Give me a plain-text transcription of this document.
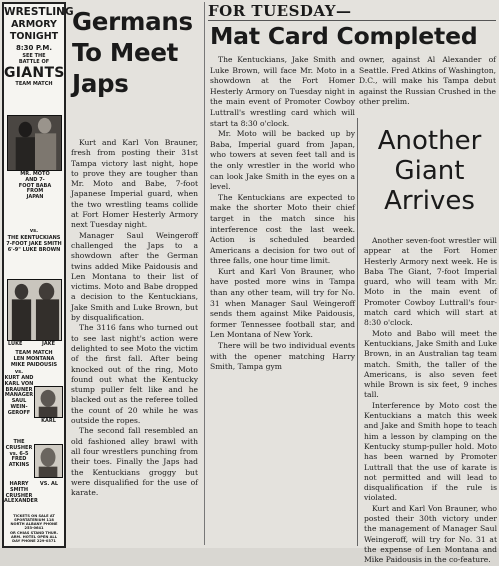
WRESTLING
ARMORY
TONIGHT
8:30 P.M.
SEE THE BATTLE OF
GIANTS
TEAM MATCH
MR. MOTO AND 7-FOOT BABA FROM JAPAN
vs.
THE KENTUCKIANS 7-FOOT JAKE SMITH 6'-9" LUKE BROWN
LUKE	JAKE
TEAM MATCH
LEN MONTANA MIKE PAIDOUSIS
vs.
KURT AND KARL VON BRAUNER MANAGER SAUL WEIN-GEROFF
KARL
THE CRUSHER vs. 6-5 FRED ATKINS
HARRY SMITH CRUSHER ALEXANDER
VS. AL
TICKETS ON SALE AT SPORTATERIUM 118 NORTH ALBANY PHONE 253-0641
OR CHIAS STAND THUR. ARM. HOTEL OPEN ALL DAY PHONE 229-0371
Germans
To Meet
Japs

Kurt and Karl Von Brauner, fresh from posting their 31st Tampa victory last night, hope to prove they are tougher than Mr. Moto and Babe, 7-foot Japanese Imperial guard, when the two wrestling teams collide at Fort Homer Hesterly Armory next Tuesday night.

Manager Saul Weingeroff challenged the Japs to a showdown after the German twins added Mike Paidousis and Len Montana to their list of victims. Moto and Babe dropped a decision to the Kentuckians, Jake Smith and Luke Brown, but by disqualification.

The 3116 fans who turned out to see last night's action were delighted to see Moto the victim of the first fall. After being knocked out of the ring, Moto found out what the Kentucky stump puller felt like and he blacked out as the referee tolled the count of 20 while he was outside the ropes.

The second fall resembled an old fashioned alley brawl with all four wrestlers punching from their toes. Finally the Japs had the Kentuckians groggy but were disqualified for the use of karate.

FOR TUESDAY—
Mat Card Completed

The Kentuckians, Jake Smith and Luke Brown, will face Mr. Moto in a showdown at the Fort Homer Hesterly Armory on Tuesday night in the main event of Promoter Cowboy Luttrall's wrestling card which will start ta 8:30 o'clock.

Mr. Moto will be backed up by Baba, Imperial guard from Japan, who towers at seven feet tall and is the only wrestler in the world who can look Jake Smith in the eyes on a level.

The Kentuckians are expected to make the shorter Moto their chief target in the match since his interference cost the last week. Action is scheduled bearded Americans a decision for two out of three falls, one hour time limit.

Kurt and Karl Von Brauner, who have posted more wins in Tampa than any other team, will try for No. 31 when Manager Saul Weingeroff sends them against Mike Paidousis, former Tennessee football star, and Len Montana of New York.

There will be two individual events with the opener matching Harry Smith, Tampa gym

owner, against Al Alexander of Seattle. Fred Atkins of Washington, D.C., will make his Tampa debut against the Russian Crushed in the other prelim.
Another
Giant
Arrives

Another seven-foot wrestler will appear at the Fort Homer Hesterly Armory next week. He is Baba The Giant, 7-foot Imperial guard, who will team with Mr. Moto in the main event of Promoter Cowboy Luttrall's four-match card which will start at 8:30 o'clock.

Moto and Babo will meet the Kentuckians, Jake Smith and Luke Brown, in an Australian tag team match. Smith, the taller of the Americans, is also seven feet while Brown is six feet, 9 inches tall.

Interference by Moto cost the Kentuckians a match this week and Jake and Smith hope to teach him a lesson by clamping on the Kentucky stump-puller hold. Moto has been warned by Promoter Luttrall that the use of karate is not permitted and will lead to disqualification if the rule is violated.

Kurt and Karl Von Brauner, who posted their 30th victory under the management of Manager Saul Weingeroff, will try for No. 31 at the expense of Len Montana and Mike Paidousis in the co-feature.
